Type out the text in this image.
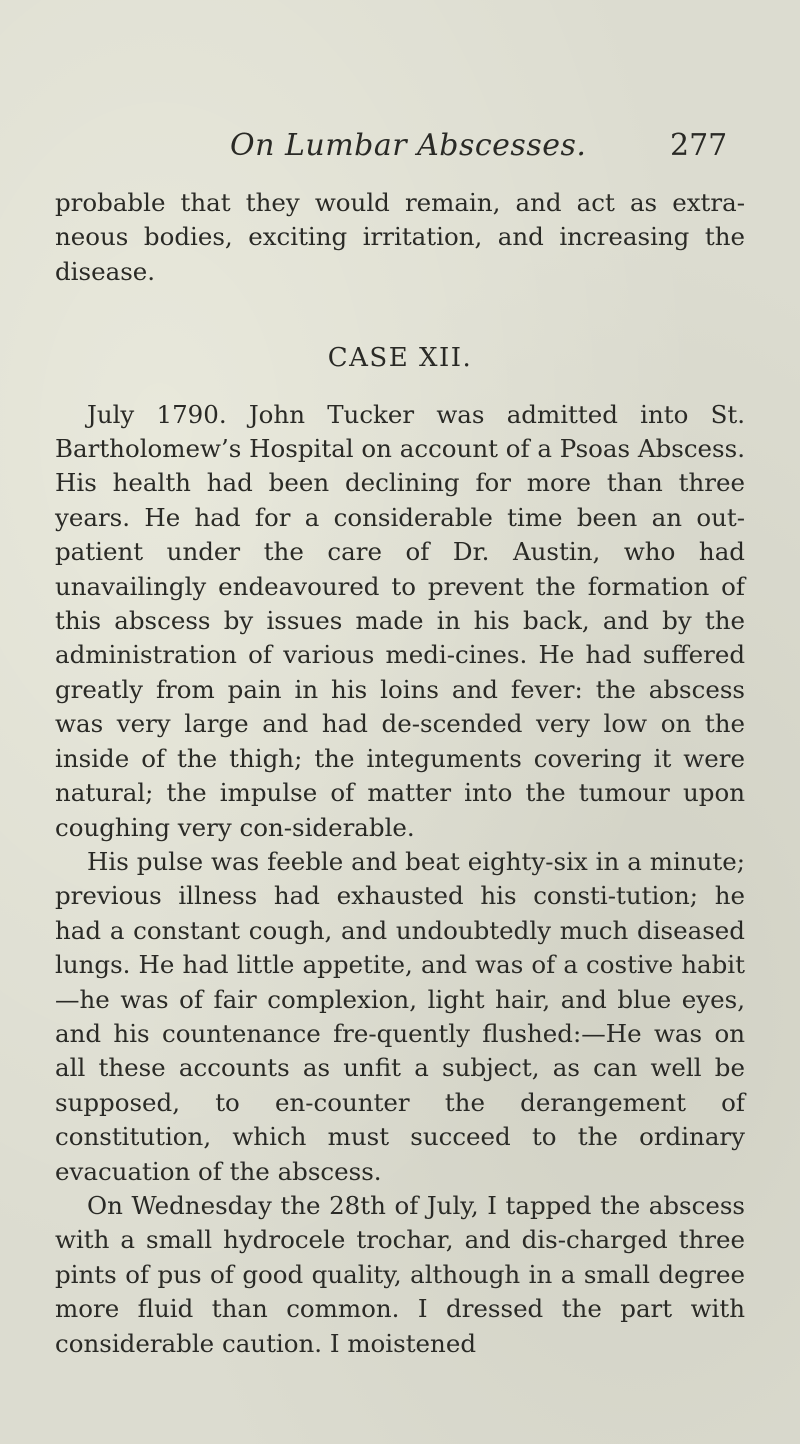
On Lumbar Abscesses.	277

probable that they would remain, and act as extra-neous bodies, exciting irritation, and increasing the disease.

CASE XII.

July 1790. John Tucker was admitted into St. Bartholomew’s Hospital on account of a Psoas Abscess. His health had been declining for more than three years. He had for a considerable time been an out-patient under the care of Dr. Austin, who had unavailingly endeavoured to prevent the formation of this abscess by issues made in his back, and by the administration of various medi-cines. He had suffered greatly from pain in his loins and fever: the abscess was very large and had de-scended very low on the inside of the thigh; the integuments covering it were natural; the impulse of matter into the tumour upon coughing very con-siderable.

His pulse was feeble and beat eighty-six in a minute; previous illness had exhausted his consti-tution; he had a constant cough, and undoubtedly much diseased lungs. He had little appetite, and was of a costive habit—he was of fair complexion, light hair, and blue eyes, and his countenance fre-quently flushed:—He was on all these accounts as unfit a subject, as can well be supposed, to en-counter the derangement of constitution, which must succeed to the ordinary evacuation of the abscess.

On Wednesday the 28th of July, I tapped the abscess with a small hydrocele trochar, and dis-charged three pints of pus of good quality, although in a small degree more fluid than common. I dressed the part with considerable caution. I moistened
